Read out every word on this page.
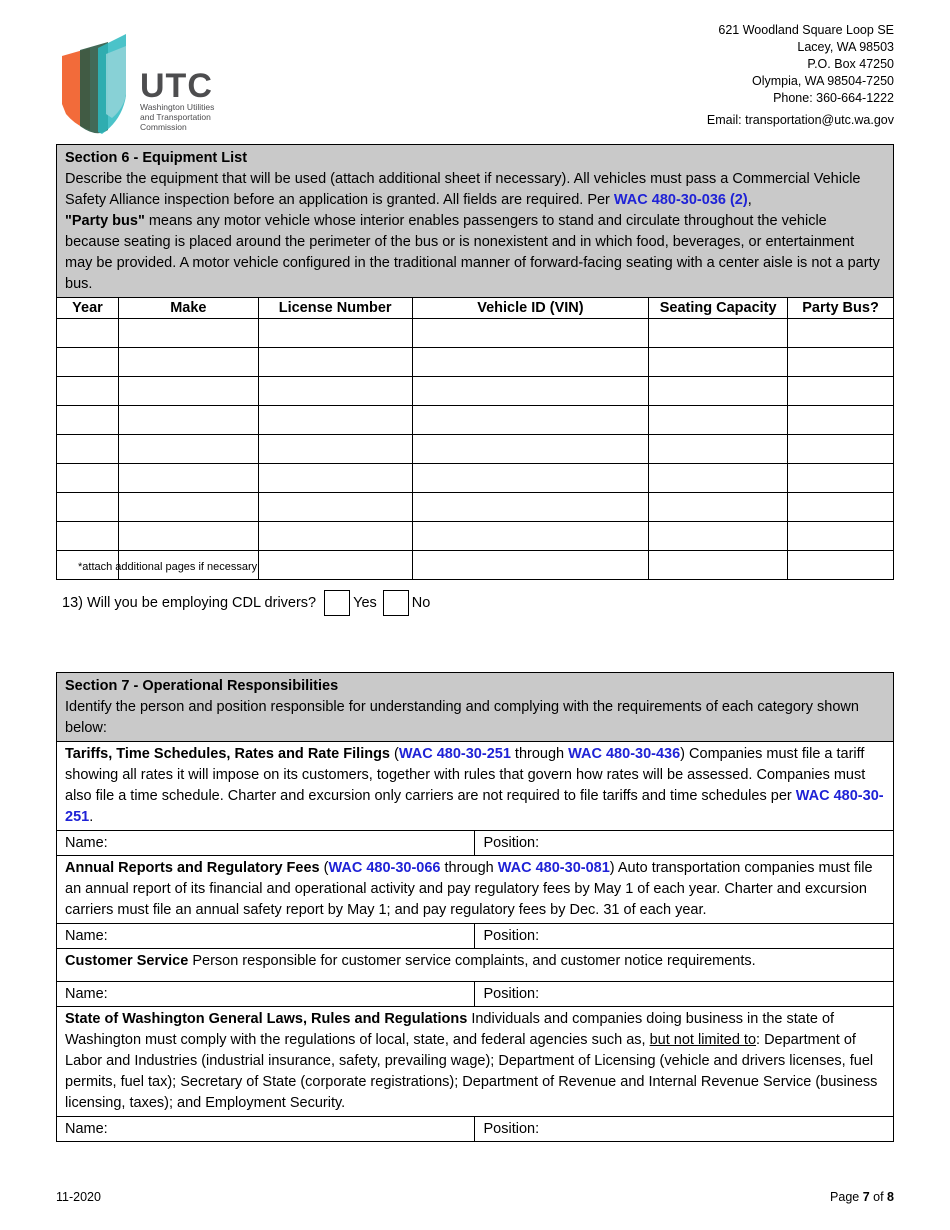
UTC
Washington Utilities
and Transportation
Commission
621 Woodland Square Loop SE
Lacey, WA 98503
P.O. Box 47250
Olympia, WA 98504-7250
Phone: 360-664-1222
Email: transportation@utc.wa.gov
Section 6 - Equipment List
Describe the equipment that will be used (attach additional sheet if necessary). All vehicles must pass a Commercial Vehicle Safety Alliance inspection before an application is granted. All fields are required. Per WAC 480-30-036 (2),
"Party bus" means any motor vehicle whose interior enables passengers to stand and circulate throughout the vehicle because seating is placed around the perimeter of the bus or is nonexistent and in which food, beverages, or entertainment may be provided. A motor vehicle configured in the traditional manner of forward-facing seating with a center aisle is not a party bus.					

Year	Make	License Number	Vehicle ID (VIN)	Seating Capacity	Party Bus?

*attach additional pages if necessary
13) Will you be employing CDL drivers?	Yes No
Section 7 - Operational Responsibilities
Identify the person and position responsible for understanding and complying with the requirements of each category shown below:	

Tariffs, Time Schedules, Rates and Rate Filings (WAC 480-30-251 through WAC 480-30-436) Companies must file a tariff showing all rates it will impose on its customers, together with rules that govern how rates will be assessed. Companies must also file a time schedule. Charter and excursion only carriers are not required to file tariffs and time schedules per WAC 480-30-251.	
Name:	Position:
Annual Reports and Regulatory Fees (WAC 480-30-066 through WAC 480-30-081) Auto transportation companies must file an annual report of its financial and operational activity and pay regulatory fees by May 1 of each year. Charter and excursion carriers must file an annual safety report by May 1; and pay regulatory fees by Dec. 31 of each year.	
Name:	Position:
Customer Service Person responsible for customer service complaints, and customer notice requirements.	
Name:	Position:
State of Washington General Laws, Rules and Regulations Individuals and companies doing business in the state of Washington must comply with the regulations of local, state, and federal agencies such as, but not limited to: Department of Labor and Industries (industrial insurance, safety, prevailing wage); Department of Licensing (vehicle and drivers licenses, fuel permits, fuel tax); Secretary of State (corporate registrations); Department of Revenue and Internal Revenue Service (business licensing, taxes); and Employment Security.	
Name:	Position:
11-2020	Page 7 of 8
